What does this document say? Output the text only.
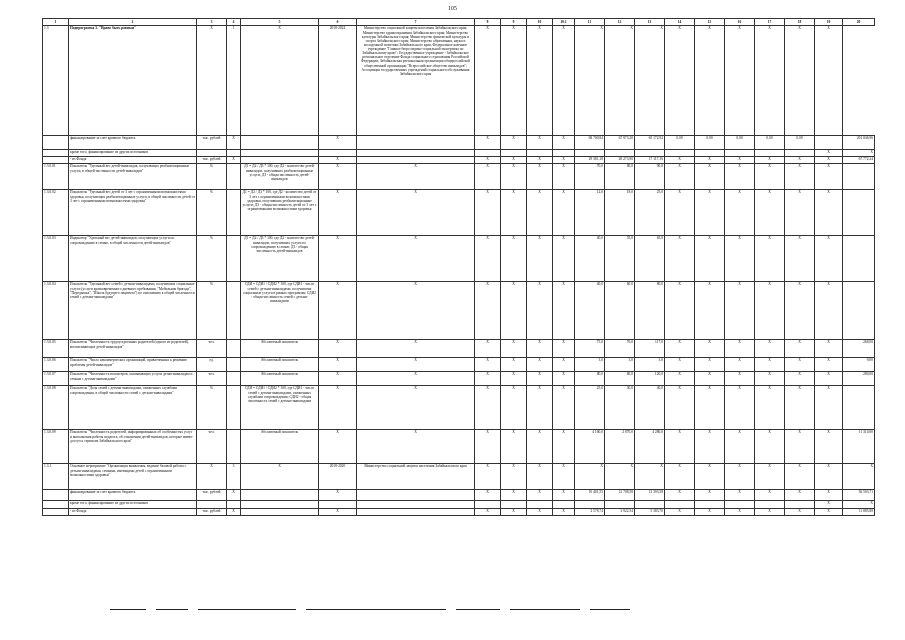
105
1	2	3	4	5	6	7	8	9	10	10.1	11	12	13	14	15	16	17	18	19	20
1.3	Подпрограмма 3. "Право быть равным"	X	1	X	2018-2024	Министерство социальной защиты населения Забайкальского края; Министерство здравоохранения Забайкальского края; Министерство культуры Забайкальского края; Министерство физической культуры и спорта Забайкальского края; Министерство образования, науки и молодежной политики Забайкальского края; Федеральное казенное учреждение "Главное бюро медико-социальной экспертизы по Забайкальскому краю"; Государственное учреждение - Забайкальское региональное отделение Фонда социального страхования Российской Федерации; Забайкальская региональная организация общероссийской общественной организации "Всероссийское общество инвалидов"; Ассоциация государственных учреждений социального обслуживания Забайкальского края	X	X	X	X	X	X	X	X	X	X	X	X	X	
	финансирование за счет краевого бюджета	тыс. рублей	X		X		X	X	X	X	68 700,84	67 973,20	65 172,92	0,00	0,00	0,00	0,00	0,00		201 846,96
	кроме того, финансирование из других источников																		X	X
	- из Фонда	тыс. рублей	X		X		X	X	X	X	29 381,18	20 273,90	17 117,16	X	X	X	X	X	X	67 772,24
1.3.0.01	Показатель "Удельный вес детей-инвалидов, получающих реабилитационные услуги, в общей численности детей-инвалидов"	%		Д1 = Д2 / Д3 * 100, где Д2 - количество детей-инвалидов, получивших реабилитационные услуги; Д3 - общая численность детей-инвалидов	X	X	X	X	X	X	70,0	80,0	90,0	X	X	X	X	X	X	
1.3.0.02	Показатель "Удельный вес детей от 3 лет с ограниченными возможностями здоровья, получающих реабилитационные услуги, в общей численности детей от 3 лет с ограниченными возможностями здоровья"	%		Д1 = Д2 / Д3 * 100, где Д2 - количество детей от 3 лет с ограниченными возможностями здоровья, получивших реабилитационные услуги; Д3 - общая численность детей от 3 лет с ограниченными возможностями здоровья	X	X	X	X	X	X	12,0	18,0	25,0	X	X	X	X	X	X	
1.3.0.03	Индикатор "Удельный вес детей-инвалидов, получающих услуги по сопровождению в семью, в общей численности детей-инвалидов"	%		Д1 = Д2 / Д3 * 100, где Д2 - количество детей-инвалидов, получивших услуги по сопровождению в семью; Д3 - общая численность детей-инвалидов	X	X	X	X	X	X	40,0	55,0	65,0	X	X	X	X	X	X	
1.3.0.04	Показатель "Удельный вес семей с детьми-инвалидами, получивших социальные услуги (услуги кратковременного дневного пребывания, "Мобильная бригада", "Передышка", "Школа будущего пациента") по отношению к общей численности семей с детьми-инвалидами"	%		СДИ = СДИ1 / СДИ2 * 100, где СДИ1 - число семей с детьми-инвалидами, получивших социальные услуги в рамках программы; СДИ2 - общая численность семей с детьми-инвалидами	X	X	X	X	X	X	40,0	60,0	80,0	X	X	X	X	X	X	
1.3.0.05	Показатель "Численность трудоустроенных родителей (одного из родителей), воспитывающих детей-инвалидов"	чел.		Абсолютный показатель	X	X	X	X	X	X	75,0	76,0	117,0	X	X	X	X	X	X	268,00
1.3.0.06	Показатель "Число некоммерческих организаций, привлеченных к решению проблемы детей-инвалидов"	ед.		Абсолютный показатель	X	X	X	X	X	X	3,0	3,0	3,0	X	X	X	X	X	X	9,00
1.3.0.07	Показатель "Численность волонтеров, оказывающих услуги детям-инвалидам и семьям с детьми-инвалидами"	чел.		Абсолютный показатель	X	X	X	X	X	X	80,0	80,0	120,0	X	X	X	X	X	X	280,00
1.3.0.08	Показатель "Доля семей с детьми-инвалидами, охваченных службами сопровождения, в общей численности семей с детьми-инвалидами"	%		СДИ = СДИ1 / СДИ2 * 100, где СДИ1 - число семей с детьми-инвалидами, охваченных службами сопровождения; СДИ2 - общая численность семей с детьми-инвалидами	X	X	X	X	X	X	25,0	30,0	40,0	X	X	X	X	X	X	
1.3.0.09	Показатель "Численность родителей, информированных об особенностях услуг и выполнения работы педагога, об отношении детей-инвалидов, которые имеют доступ к сервисам Забайкальского края"	чел.		Абсолютный показатель	X	X	X	X	X	X	4 160,0	2 870,0	4 280,0	X	X	X	X	X	X	11 310,00
1.3.1	Основное мероприятие "Организация выявления, ведение базовой работы с детьми-инвалидами, семьями, имеющими детей с ограниченными возможностями здоровья"	X	3	X	2018-2020	Министерство социальной защиты населения Забайкальского края	X	X	X	X	X	X	X	X	X	X	X	X	X	X
	финансирование за счет краевого бюджета	тыс. рублей	X		X		X	X	X	X	10 401,55	12 708,58	13 393,58	X	X	X	X	X	X	36 503,71
	кроме того, финансирование из других источников																		X	X
	- из Фонда	тыс. рублей	X		X		X	X	X	X	2 578,74	3 922,54	5 383,70	X	X	X	X	X	X	11 885,88
